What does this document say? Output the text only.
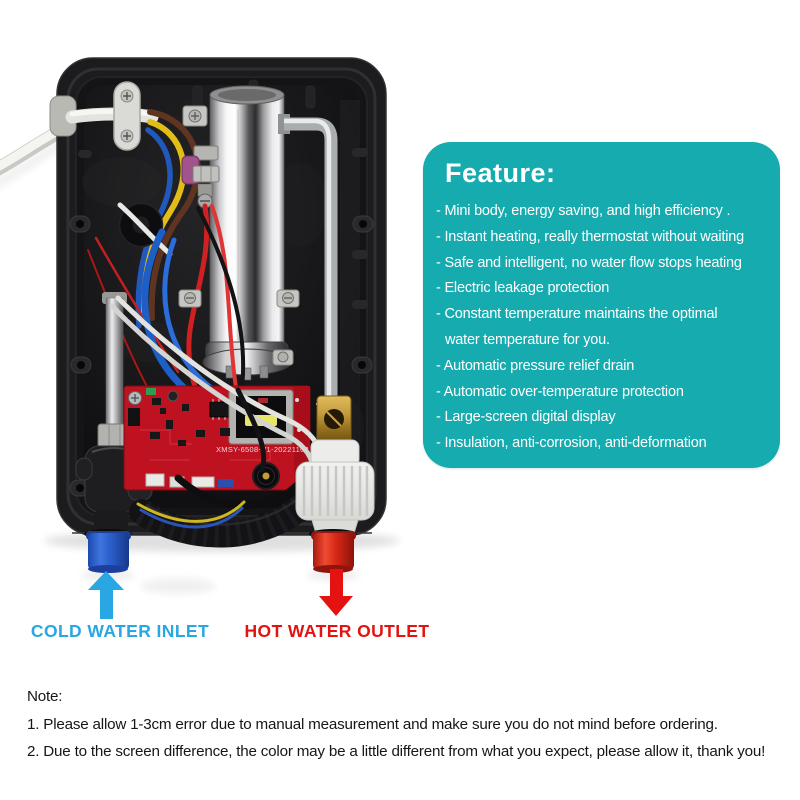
XMSY-6508-V1-20221102
Feature:
- Mini body, energy saving, and high efficiency .
- Instant heating, really thermostat without waiting
- Safe and intelligent, no water flow stops heating
- Electric leakage protection
- Constant temperature maintains the optimal
water temperature for you.
- Automatic pressure relief drain
- Automatic over-temperature protection
- Large-screen digital display
- Insulation, anti-corrosion, anti-deformation
COLD WATER INLET	HOT WATER OUTLET
Note:
1. Please allow 1-3cm error due to manual measurement and make sure you do not mind before ordering.
2. Due to the screen difference, the color may be a little different from what you expect, please allow it, thank you!
